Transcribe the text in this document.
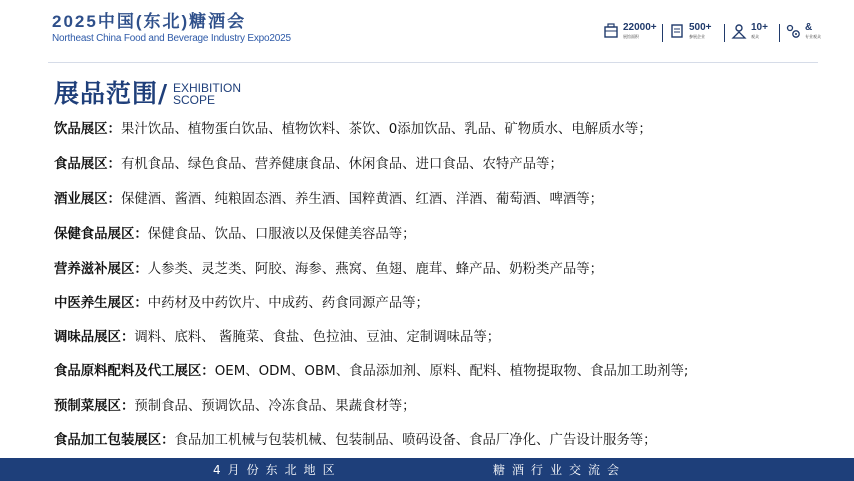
2025中国(东北)糖酒会
Northeast China Food and Beverage Industry Expo2025
22000+
展馆面积
500+
参展企业
10+
观众
&
专业观众
展品范围/ EXHIBITION
SCOPE
饮品展区：果汁饮品、植物蛋白饮品、植物饮料、茶饮、0添加饮品、乳品、矿物质水、电解质水等；
食品展区：有机食品、绿色食品、营养健康食品、休闲食品、进口食品、农特产品等；
酒业展区：保健酒、酱酒、纯粮固态酒、养生酒、国粹黄酒、红酒、洋酒、葡萄酒、啤酒等；
保健食品展区：保健食品、饮品、口服液以及保健美容品等；
营养滋补展区：人参类、灵芝类、阿胶、海参、燕窝、鱼翅、鹿茸、蜂产品、奶粉类产品等；
中医养生展区：中药材及中药饮片、中成药、药食同源产品等；
调味品展区：调料、底料、 酱腌菜、食盐、色拉油、豆油、定制调味品等；
食品原料配料及代工展区：OEM、ODM、OBM、食品添加剂、原料、配料、植物提取物、食品加工助剂等;
预制菜展区：预制食品、预调饮品、冷冻食品、果蔬食材等；
食品加工包装展区：食品加工机械与包装机械、包装制品、喷码设备、食品厂净化、广告设计服务等；
4月份东北地区	糖酒行业交流会
